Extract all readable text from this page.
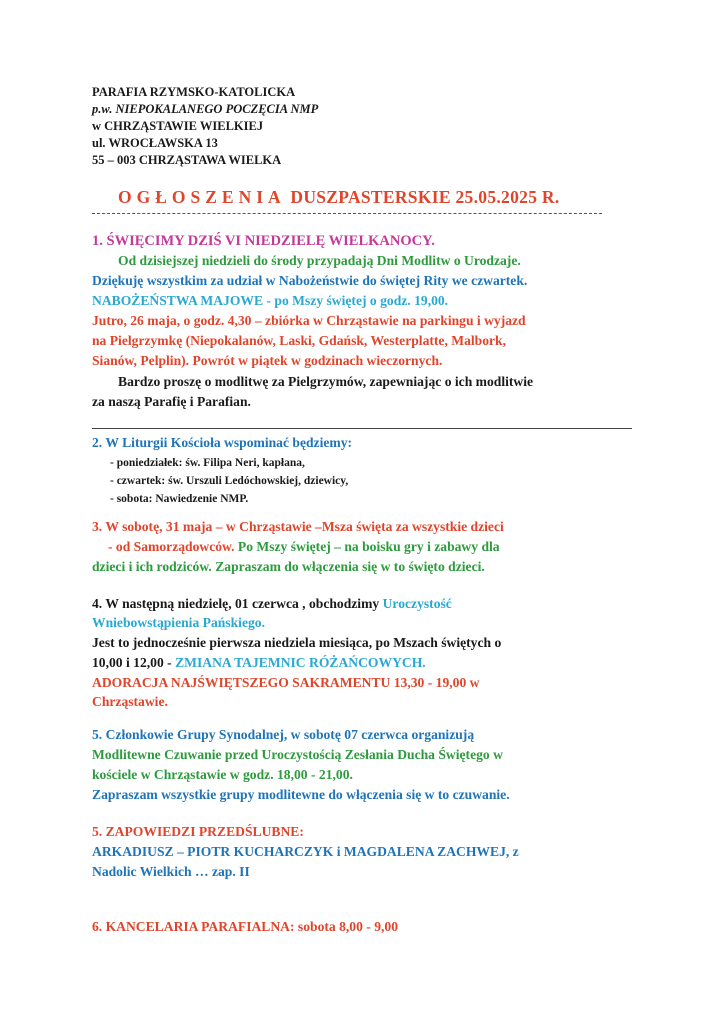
PARAFIA RZYMSKO-KATOLICKA
p.w. NIEPOKALANEGO POCZĘCIA NMP
w CHRZĄSTAWIE WIELKIEJ
ul. WROCŁAWSKA 13
55 – 003 CHRZĄSTAWA WIELKA
OGŁOSZENIA DUSZPASTERSKIE 25.05.2025 R.
1. ŚWIĘCIMY DZIŚ VI NIEDZIELĘ WIELKANOCY.
Od dzisiejszej niedzieli do środy przypadają Dni Modlitw o Urodzaje.
Dziękuję wszystkim za udział w Nabożeństwie do świętej Rity we czwartek.
NABOŻEŃSTWA MAJOWE - po Mszy świętej o godz. 19,00.
Jutro, 26 maja, o godz. 4,30 – zbiórka w Chrząstawie na parkingu i wyjazd
na Pielgrzymkę (Niepokalanów, Laski, Gdańsk, Westerplatte, Malbork,
Sianów, Pelplin). Powrót w piątek w godzinach wieczornych.
Bardzo proszę o modlitwę za Pielgrzymów, zapewniając o ich modlitwie
za naszą Parafię i Parafian.
2. W Liturgii Kościoła wspominać będziemy:
- poniedziałek: św. Filipa Neri, kapłana,
- czwartek: św. Urszuli Ledóchowskiej, dziewicy,
- sobota: Nawiedzenie NMP.
3. W sobotę, 31 maja – w Chrząstawie –Msza święta za wszystkie dzieci
- od Samorządowców. Po Mszy świętej – na boisku gry i zabawy dla
dzieci i ich rodziców. Zapraszam do włączenia się w to święto dzieci.
4. W następną niedzielę, 01 czerwca , obchodzimy Uroczystość
Wniebowstąpienia Pańskiego.
Jest to jednocześnie pierwsza niedziela miesiąca, po Mszach świętych o
10,00 i 12,00 - ZMIANA TAJEMNIC RÓŻAŃCOWYCH.
ADORACJA NAJŚWIĘTSZEGO SAKRAMENTU 13,30 - 19,00 w
Chrząstawie.
5. Członkowie Grupy Synodalnej, w sobotę 07 czerwca organizują
Modlitewne Czuwanie przed Uroczystością Zesłania Ducha Świętego w
kościele w Chrząstawie w godz. 18,00 - 21,00.
Zapraszam wszystkie grupy modlitewne do włączenia się w to czuwanie.
5. ZAPOWIEDZI PRZEDŚLUBNE:
ARKADIUSZ – PIOTR KUCHARCZYK i MAGDALENA ZACHWEJ, z
Nadolic Wielkich … zap. II
6. KANCELARIA PARAFIALNA: sobota 8,00 - 9,00
